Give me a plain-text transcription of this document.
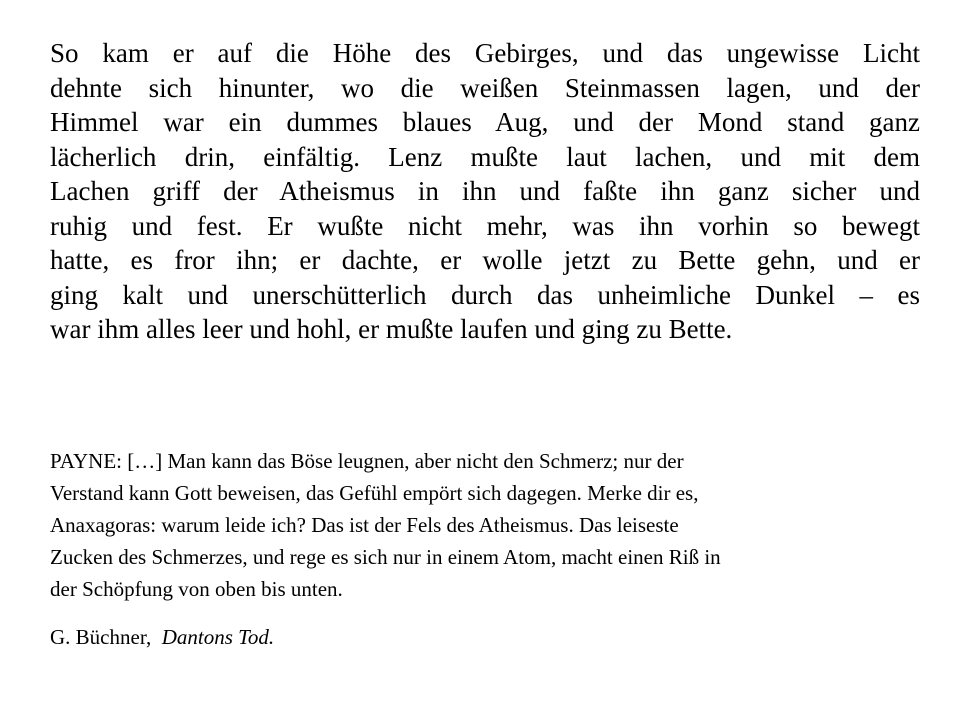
So kam er auf die Höhe des Gebirges, und das ungewisse Licht
dehnte sich hinunter, wo die weißen Steinmassen lagen, und der
Himmel war ein dummes blaues Aug, und der Mond stand ganz
lächerlich drin, einfältig. Lenz mußte laut lachen, und mit dem
Lachen griff der Atheismus in ihn und faßte ihn ganz sicher und
ruhig und fest. Er wußte nicht mehr, was ihn vorhin so bewegt
hatte, es fror ihn; er dachte, er wolle jetzt zu Bette gehn, und er
ging kalt und unerschütterlich durch das unheimliche Dunkel – es
war ihm alles leer und hohl, er mußte laufen und ging zu Bette.

PAYNE: […] Man kann das Böse leugnen, aber nicht den Schmerz; nur der
Verstand kann Gott beweisen, das Gefühl empört sich dagegen. Merke dir es,
Anaxagoras: warum leide ich? Das ist der Fels des Atheismus. Das leiseste
Zucken des Schmerzes, und rege es sich nur in einem Atom, macht einen Riß in
der Schöpfung von oben bis unten.

G. Büchner, Dantons Tod.
